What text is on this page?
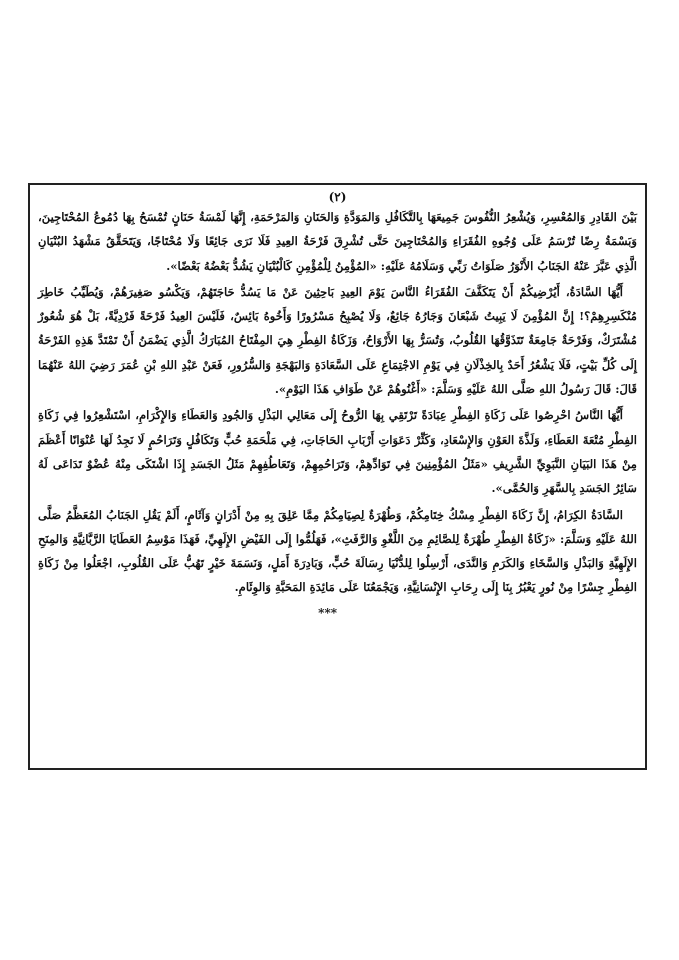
(٢)

بَيْنَ القَادِرِ وَالمُعْسِرِ، وَيُشْعِرُ النُّفُوسَ جَمِيعَهَا بِالتَّكَافُلِ وَالمَوَدَّةِ وَالحَنَانِ وَالمَرْحَمَةِ، إِنَّهَا لَمْسَةُ حَنَانٍ تُمْسَحُ بِهَا دُمُوعُ المُحْتَاجِينَ، وَبَسْمَةُ رِضًا تُرْسَمُ عَلَى وُجُوهِ الفُقَرَاءِ وَالمُحْتَاجِينَ حَتَّى تُشْرِقَ فَرْحَةُ العِيدِ فَلَا نَرَى جَائِعًا وَلَا مُحْتَاجًا، وَيَتَحَقَّقُ مَشْهَدُ البُنْيَانِ الَّذِي عَبَّرَ عَنْهُ الجَنَابُ الأَنْوَرُ صَلَوَاتُ رَبِّي وَسَلَامُهُ عَلَيْهِ: «المُؤْمِنُ لِلْمُؤْمِنِ كَالْبُنْيَانِ يَشُدُّ بَعْضُهُ بَعْضًا».

أَيُّهَا السَّادَةُ، أَيُرْضِيكُمْ أَنْ يَتَكَفَّفَ الفُقَرَاءُ النَّاسَ يَوْمَ العِيدِ بَاحِثِينَ عَنْ مَا يَسُدُّ حَاجَتَهُمْ، وَيَكْسُو صَغِيرَهُمْ، وَيُطَيِّبُ خَاطِرَ مُنْكَسِرِهِمْ؟! إِنَّ المُؤْمِنَ لَا يَبِيتُ شَبْعَانَ وَجَارُهُ جَائِعٌ، وَلَا يُصْبِحُ مَسْرُورًا وَأَخُوهُ بَائِسٌ، فَلَيْسَ العِيدُ فَرْحَةً فَرْدِيَّةً، بَلْ هُوَ شُعُورٌ مُشْتَرَكٌ، وَفَرْحَةٌ جَامِعَةٌ تَتَذَوَّقُهَا القُلُوبُ، وَتُسَرُّ بِهَا الأَرْوَاحُ، وَزَكَاةُ الفِطْرِ هِيَ المِفْتَاحُ المُبَارَكُ الَّذِي يَضْمَنُ أَنْ تَمْتَدَّ هَذِهِ الفَرْحَةُ إِلَى كُلِّ بَيْتٍ، فَلَا يَشْعُرُ أَحَدٌ بِالخِذْلَانِ فِي يَوْمِ الاجْتِمَاعِ عَلَى السَّعَادَةِ وَالبَهْجَةِ وَالسُّرُورِ، فَعَنْ عَبْدِ اللهِ بْنِ عُمَرَ رَضِيَ اللهُ عَنْهُمَا قَالَ: قَالَ رَسُولُ اللهِ صَلَّى اللهُ عَلَيْهِ وَسَلَّمَ: «أَغْنُوهُمْ عَنْ طَوَافِ هَذَا اليَوْمِ».

أَيُّهَا النَّاسُ احْرِصُوا عَلَى زَكَاةِ الفِطْرِ عِبَادَةً تَرْتَقِي بِهَا الرُّوحُ إِلَى مَعَالِي البَذْلِ وَالجُودِ وَالعَطَاءِ وَالإِكْرَامِ، اسْتَشْعِرُوا فِي زَكَاةِ الفِطْرِ مُتْعَةَ العَطَاءِ، وَلَذَّةَ العَوْنِ وَالإِسْعَادِ، وَكَثِّرْ دَعَوَاتِ أَرْبَابِ الحَاجَاتِ، فِي مَلْحَمَةِ حُبٍّ وَتَكَافُلٍ وَتَرَاحُمٍ لَا نَجِدُ لَهَا عُنْوَانًا أَعْظَمَ مِنْ هَذَا البَيَانِ النَّبَوِيِّ الشَّرِيفِ «مَثَلُ المُؤْمِنِينَ فِي تَوَادِّهِمْ، وَتَرَاحُمِهِمْ، وَتَعَاطُفِهِمْ مَثَلُ الجَسَدِ إِذَا اشْتَكَى مِنْهُ عُضْوٌ تَدَاعَى لَهُ سَائِرُ الجَسَدِ بِالسَّهَرِ وَالحُمَّى».

السَّادَةُ الكِرَامُ، إِنَّ زَكَاةَ الفِطْرِ مِسْكُ خِتَامِكُمْ، وَطُهْرَةٌ لِصِيَامِكُمْ مِمَّا عَلِقَ بِهِ مِنْ أَدْرَانٍ وَآثَامٍ، أَلَمْ يَقُلِ الجَنَابُ المُعَظَّمُ صَلَّى اللهُ عَلَيْهِ وَسَلَّمَ: «زَكَاةُ الفِطْرِ طُهْرَةٌ لِلصَّائِمِ مِنَ اللَّغْوِ وَالرَّفَثِ»، فَهَلُمُّوا إِلَى الفَيْضِ الإِلَهِيِّ، فَهَذَا مَوْسِمُ العَطَايَا الرَّبَّانِيَّةِ وَالمِنَحِ الإِلَهِيَّةِ وَالبَذْلِ وَالسَّخَاءِ وَالكَرَمِ وَالنَّدَى، أَرْسِلُوا لِلدُّنْيَا رِسَالَةَ حُبٍّ، وَبَادِرَةَ أَمَلٍ، وَنَسَمَةَ خَيْرٍ تَهُبُّ عَلَى القُلُوبِ، اجْعَلُوا مِنْ زَكَاةِ الفِطْرِ جِسْرًا مِنْ نُورٍ يَعْبُرُ بِنَا إِلَى رِحَابِ الإِنْسَانِيَّةِ، وَيَجْمَعُنَا عَلَى مَائِدَةِ المَحَبَّةِ وَالوِئَامِ.

***
